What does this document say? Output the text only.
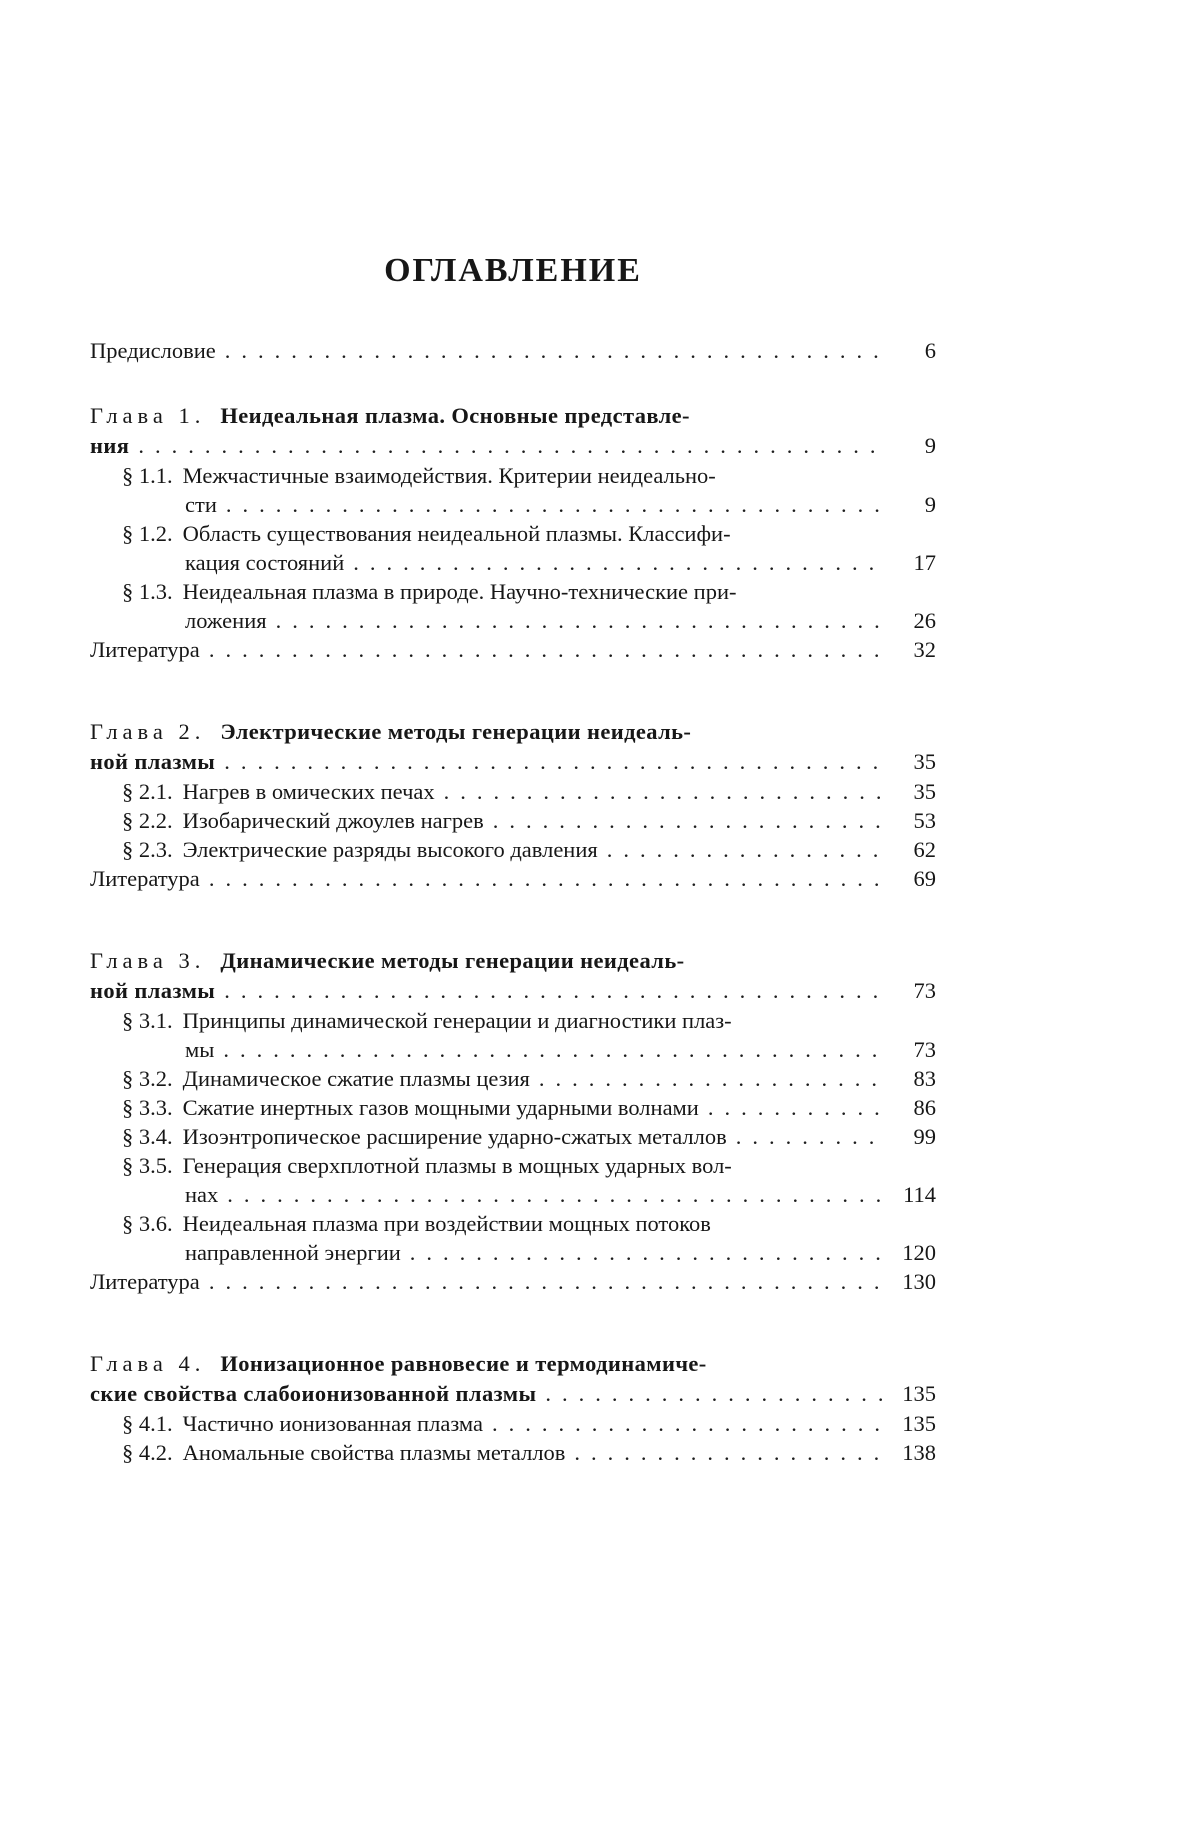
ОГЛАВЛЕНИЕ
Предисловие .....	6
Глава 1. Неидеальная плазма. Основные представле-
ния .....	9
§ 1.1. Межчастичные взаимодействия. Критерии неидеально-
сти .....	9
§ 1.2. Область существования неидеальной плазмы. Классифи-
кация состояний .....	17
§ 1.3. Неидеальная плазма в природе. Научно-технические при-
ложения .....	26
Литература .....	32
Глава 2. Электрические методы генерации неидеаль-
ной плазмы .....	35
§ 2.1. Нагрев в омических печах .....	35
§ 2.2. Изобарический джоулев нагрев .....	53
§ 2.3. Электрические разряды высокого давления .....	62
Литература .....	69
Глава 3. Динамические методы генерации неидеаль-
ной плазмы .....	73
§ 3.1. Принципы динамической генерации и диагностики плаз-
мы .....	73
§ 3.2. Динамическое сжатие плазмы цезия .....	83
§ 3.3. Сжатие инертных газов мощными ударными волнами .....	86
§ 3.4. Изоэнтропическое расширение ударно-сжатых металлов .....	99
§ 3.5. Генерация сверхплотной плазмы в мощных ударных вол-
нах .....	114
§ 3.6. Неидеальная плазма при воздействии мощных потоков
направленной энергии .....	120
Литература .....	130
Глава 4. Ионизационное равновесие и термодинамиче-
ские свойства слабоионизованной плазмы .....	135
§ 4.1. Частично ионизованная плазма .....	135
§ 4.2. Аномальные свойства плазмы металлов .....	138
